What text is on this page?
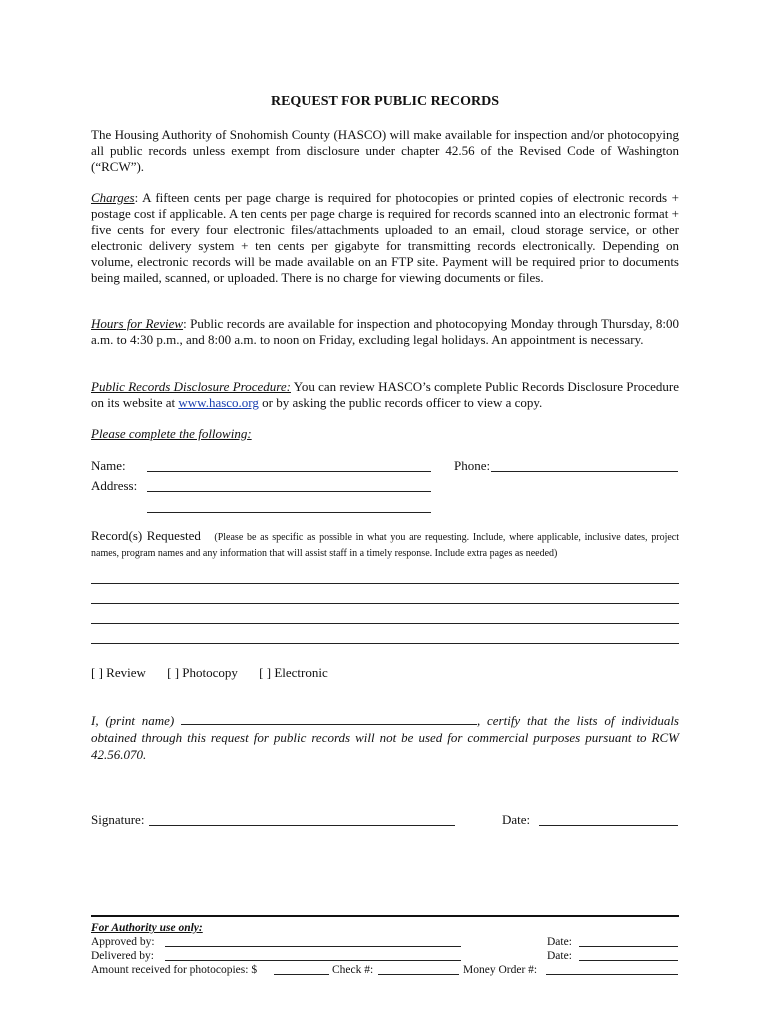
REQUEST FOR PUBLIC RECORDS
The Housing Authority of Snohomish County (HASCO) will make available for inspection and/or photocopying all public records unless exempt from disclosure under chapter 42.56 of the Revised Code of Washington (“RCW”).
Charges: A fifteen cents per page charge is required for photocopies or printed copies of electronic records + postage cost if applicable. A ten cents per page charge is required for records scanned into an electronic format + five cents for every four electronic files/attachments uploaded to an email, cloud storage service, or other electronic delivery system + ten cents per gigabyte for transmitting records electronically. Depending on volume, electronic records will be made available on an FTP site. Payment will be required prior to documents being mailed, scanned, or uploaded. There is no charge for viewing documents or files.
Hours for Review: Public records are available for inspection and photocopying Monday through Thursday, 8:00 a.m. to 4:30 p.m., and 8:00 a.m. to noon on Friday, excluding legal holidays. An appointment is necessary.
Public Records Disclosure Procedure: You can review HASCO’s complete Public Records Disclosure Procedure on its website at www.hasco.org or by asking the public records officer to view a copy.
Please complete the following:
Name:	Phone:
Address:
Record(s) Requested (Please be as specific as possible in what you are requesting. Include, where applicable, inclusive dates, project names, program names and any information that will assist staff in a timely response. Include extra pages as needed)
[ ] Review [ ] Photocopy [ ] Electronic
I, (print name)	, certify that the lists of individuals obtained through this request for public records will not be used for commercial purposes pursuant to RCW 42.56.070.
Signature:	Date:
For Authority use only:
Approved by:	Date:
Delivered by:	Date:
Amount received for photocopies: $	Check #:	Money Order #:
